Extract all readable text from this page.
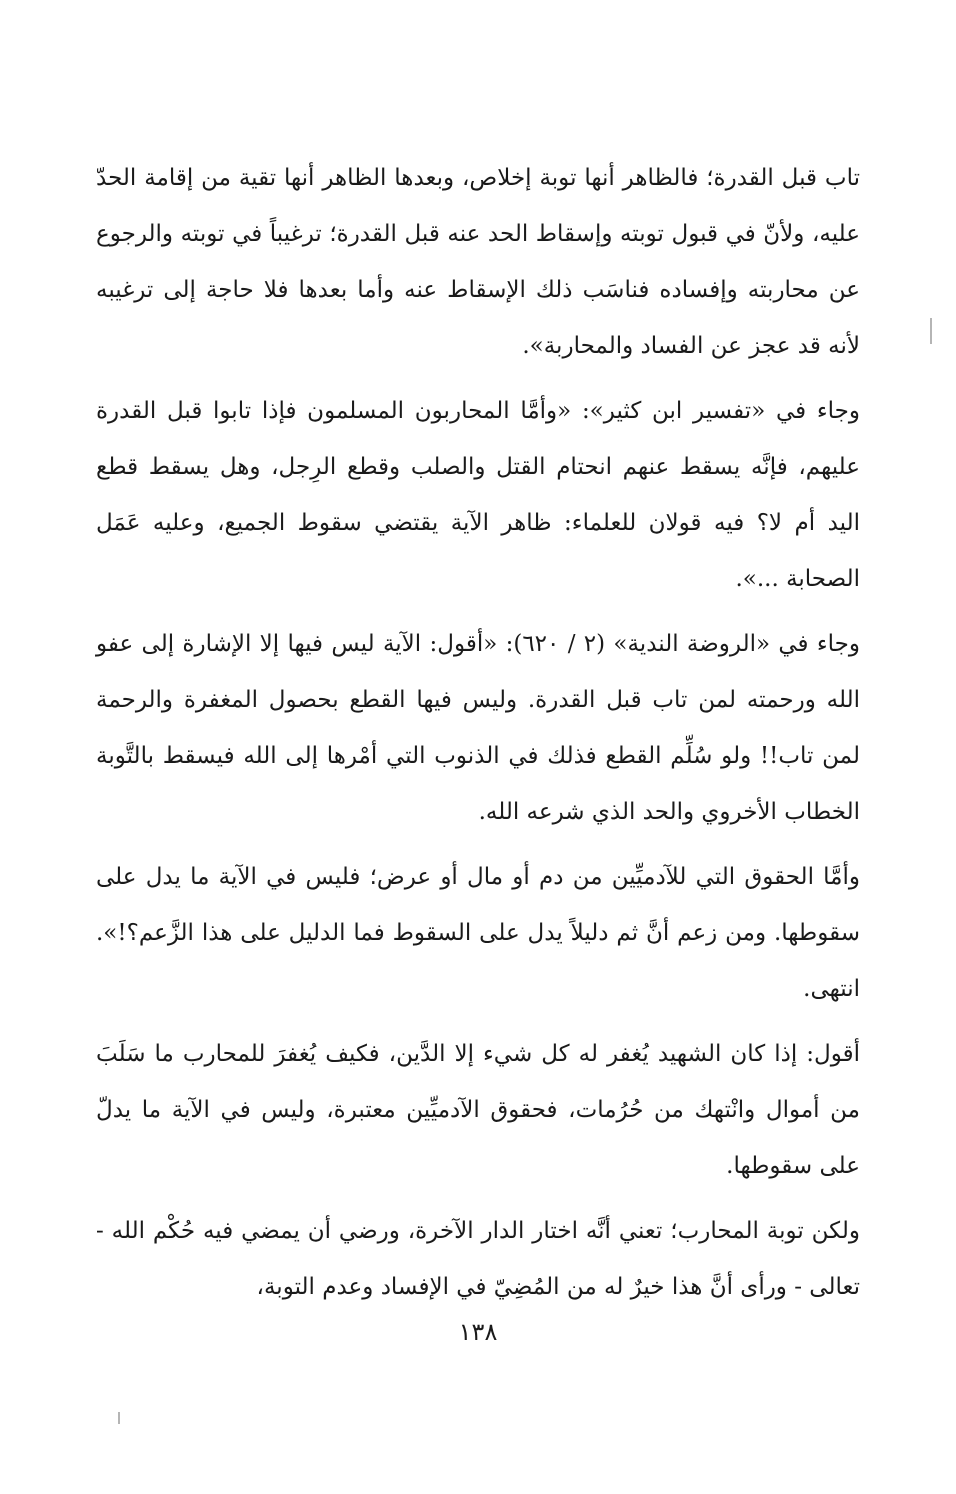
تاب قبل القدرة؛ فالظاهر أنها توبة إخلاص، وبعدها الظاهر أنها تقية من إقامة الحدّ عليه، ولأنّ في قبول توبته وإسقاط الحد عنه قبل القدرة؛ ترغيباً في توبته والرجوع عن محاربته وإفساده فناسَب ذلك الإسقاط عنه وأما بعدها فلا حاجة إلى ترغيبه لأنه قد عجز عن الفساد والمحاربة».

وجاء في «تفسير ابن كثير»: «وأمَّا المحاربون المسلمون فإذا تابوا قبل القدرة عليهم، فإنَّه يسقط عنهم انحتام القتل والصلب وقطع الرِجل، وهل يسقط قطع اليد أم لا؟ فيه قولان للعلماء: ظاهر الآية يقتضي سقوط الجميع، وعليه عَمَل الصحابة ...».

وجاء في «الروضة الندية» (٢ / ٦٢٠): «أقول: الآية ليس فيها إلا الإشارة إلى عفو الله ورحمته لمن تاب قبل القدرة. وليس فيها القطع بحصول المغفرة والرحمة لمن تاب!! ولو سُلِّم القطع فذلك في الذنوب التي أمْرها إلى الله فيسقط بالتَّوبة الخطاب الأخروي والحد الذي شرعه الله.

وأمَّا الحقوق التي للآدميِّين من دم أو مال أو عرض؛ فليس في الآية ما يدل على سقوطها. ومن زعم أنَّ ثم دليلاً يدل على السقوط فما الدليل على هذا الزَّعم؟!». انتهى.

أقول: إذا كان الشهيد يُغفر له كل شيء إلا الدَّين، فكيف يُغفرَ للمحارب ما سَلَبَ من أموال وانْتهك من حُرُمات، فحقوق الآدميِّين معتبرة، وليس في الآية ما يدلّ على سقوطها.

ولكن توبة المحارب؛ تعني أنَّه اختار الدار الآخرة، ورضي أن يمضي فيه حُكْم الله - تعالى - ورأى أنَّ هذا خيرٌ له من المُضِيّ في الإفساد وعدم التوبة،

١٣٨
